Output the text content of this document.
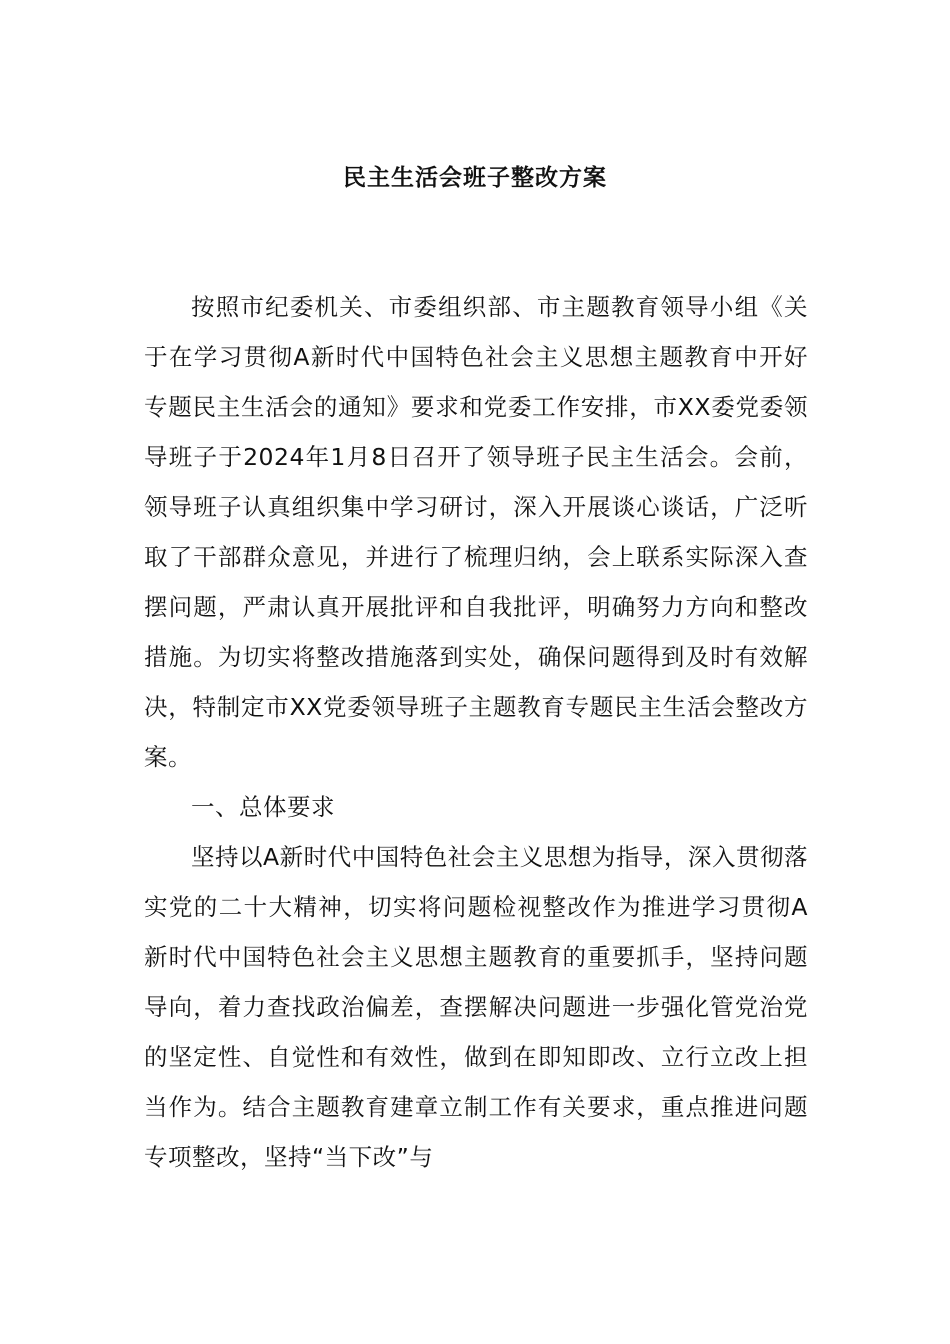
民主生活会班子整改方案

按照市纪委机关、市委组织部、市主题教育领导小组《关于在学习贯彻A新时代中国特色社会主义思想主题教育中开好专题民主生活会的通知》要求和党委工作安排，市XX委党委领导班子于2024年1月8日召开了领导班子民主生活会。会前，领导班子认真组织集中学习研讨，深入开展谈心谈话，广泛听取了干部群众意见，并进行了梳理归纳，会上联系实际深入查摆问题，严肃认真开展批评和自我批评，明确努力方向和整改措施。为切实将整改措施落到实处，确保问题得到及时有效解决，特制定市XX党委领导班子主题教育专题民主生活会整改方案。

一、总体要求

坚持以A新时代中国特色社会主义思想为指导，深入贯彻落实党的二十大精神，切实将问题检视整改作为推进学习贯彻A新时代中国特色社会主义思想主题教育的重要抓手，坚持问题导向，着力查找政治偏差，查摆解决问题进一步强化管党治党的坚定性、自觉性和有效性，做到在即知即改、立行立改上担当作为。结合主题教育建章立制工作有关要求，重点推进问题专项整改，坚持“当下改”与
